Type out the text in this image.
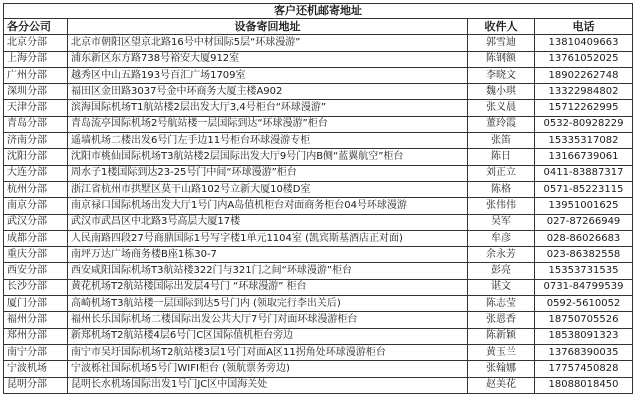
客户还机邮寄地址			
各分公司	设备寄回地址	收件人	电话
北京分部	北京市朝阳区望京北路16号中材国际5层“环球漫游”	郭雪迪	13810409663
上海分部	浦东新区东方路738号裕安大厦912室	陈钢额	13761052025
广州分部	越秀区中山五路193号百汇广场1709室	李晓文	18902262748
深圳分部	福田区金田路3037号金中环商务大厦主楼A902	魏小琪	13322984802
天津分部	滨海国际机场T1航站楼2层出发大厅3,4号柜台“环球漫游”	张义晨	15712262995
青岛分部	青岛流亭国际机场2号航站楼一层国际到达“环球漫游”柜台	董玲霞	0532-80928229
济南分部	遥墙机场二楼出发6号门左手边11号柜台环球漫游专柜	张笛	15335317082
沈阳分部	沈阳市桃仙国际机场T3航站楼2层国际出发大厅9号门内B侧“蓝翼航空”柜台	陈日	13166739061
大连分部	周水子1楼国际到达23-25号门中间“环球漫游”柜台	刘正立	0411-83887317
杭州分部	浙江省杭州市拱墅区莫干山路102号立新大厦10楼D室	陈格	0571-85223115
南京分部	南京禄口国际机场出发大厅1号门内A岛值机柜台对面商务柜台04号环球漫游	张伟伟	13951001625
武汉分部	武汉市武昌区中北路3号高层大厦17楼	吴军	027-87266949
成都分部	人民南路四段27号商鼎国际1号写字楼1单元1104室 (凯宾斯基酒店正对面)	牟彦	028-86026683
重庆分部	南坪万达广场商务楼B座1栋30-7	余永芳	023-86382558
西安分部	西安咸阳国际机场T3航站楼322门与321门之间“环球漫游”柜台	彭亮	15353731535
长沙分部	黄花机场T2航站楼国际出发层4号门 “环球漫游” 柜台	谌文	0731-84799539
厦门分部	高崎机场T3航站楼一层国际到达5号门内 (领取完行李出关后)	陈志莹	0592-5610052
福州分部	福州长乐国际机场二楼国际出发公共大厅7号门对面环球漫游柜台	张恩香	18750705526
郑州分部	新郑机场T2航站楼4层6号门C区国际值机柜台旁边	陈新颖	18538091323
南宁分部	南宁市吴圩国际机场T2航站楼3层1号门对面A区11拐角处环球漫游柜台	黄玉兰	13768390035
宁波机场	宁波栎社国际机场5号门WIFI柜台 (领航票务旁边)	张翰娜	17757450828
昆明分部	昆明长水机场国际出发1号门JC区中国海关处	赵美花	18088018450
